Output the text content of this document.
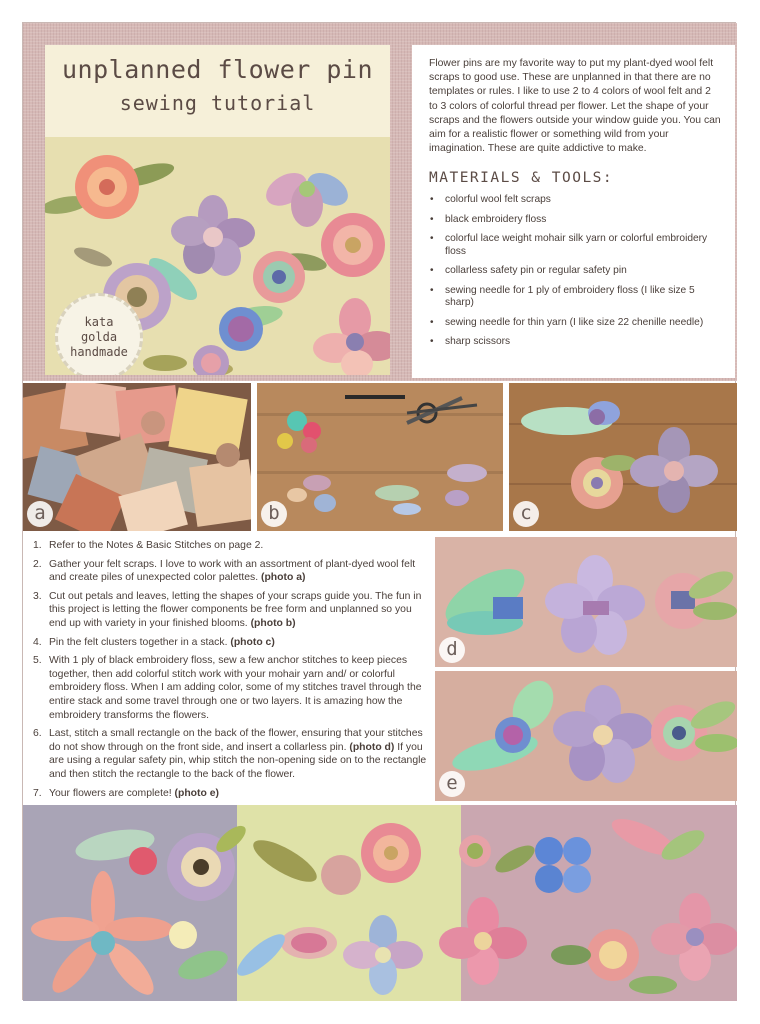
unplanned flower pin
sewing tutorial
kata
golda
handmade

Flower pins are my favorite way to put my plant-dyed wool felt scraps to good use. These are unplanned in that there are no templates or rules. I like to use 2 to 4 colors of wool felt and 2 to 3 colors of colorful thread per flower. Let the shape of your scraps and the flowers outside your window guide you. You can aim for a realistic flower or something wild from your imagination. These are quite addictive to make.

MATERIALS & TOOLS:
• colorful wool felt scraps
• black embroidery floss
• colorful lace weight mohair silk yarn or colorful embroidery floss
• collarless safety pin or regular safety pin
• sewing needle for 1 ply of embroidery floss (I like size 5 sharp)
• sewing needle for thin yarn (I like size 22 chenille needle)
• sharp scissors
a	b	c
1. Refer to the Notes & Basic Stitches on page 2.
2. Gather your felt scraps. I love to work with an assortment of plant-dyed wool felt and create piles of unexpected color palettes. (photo a)
3. Cut out petals and leaves, letting the shapes of your scraps guide you. The fun in this project is letting the flower components be free form and unplanned so you end up with variety in your finished blooms. (photo b)
4. Pin the felt clusters together in a stack. (photo c)
5. With 1 ply of black embroidery floss, sew a few anchor stitches to keep pieces together, then add colorful stitch work with your mohair yarn and/ or colorful embroidery floss. When I am adding color, some of my stitches travel through the entire stack and some travel through one or two layers. It is amazing how the embroidery transforms the flowers.
6. Last, stitch a small rectangle on the back of the flower, ensuring that your stitches do not show through on the front side, and insert a collarless pin. (photo d) If you are using a regular safety pin, whip stitch the non-opening side on to the rectangle and then stitch the rectangle to the back of the flower.
7. Your flowers are complete! (photo e)
d
e
